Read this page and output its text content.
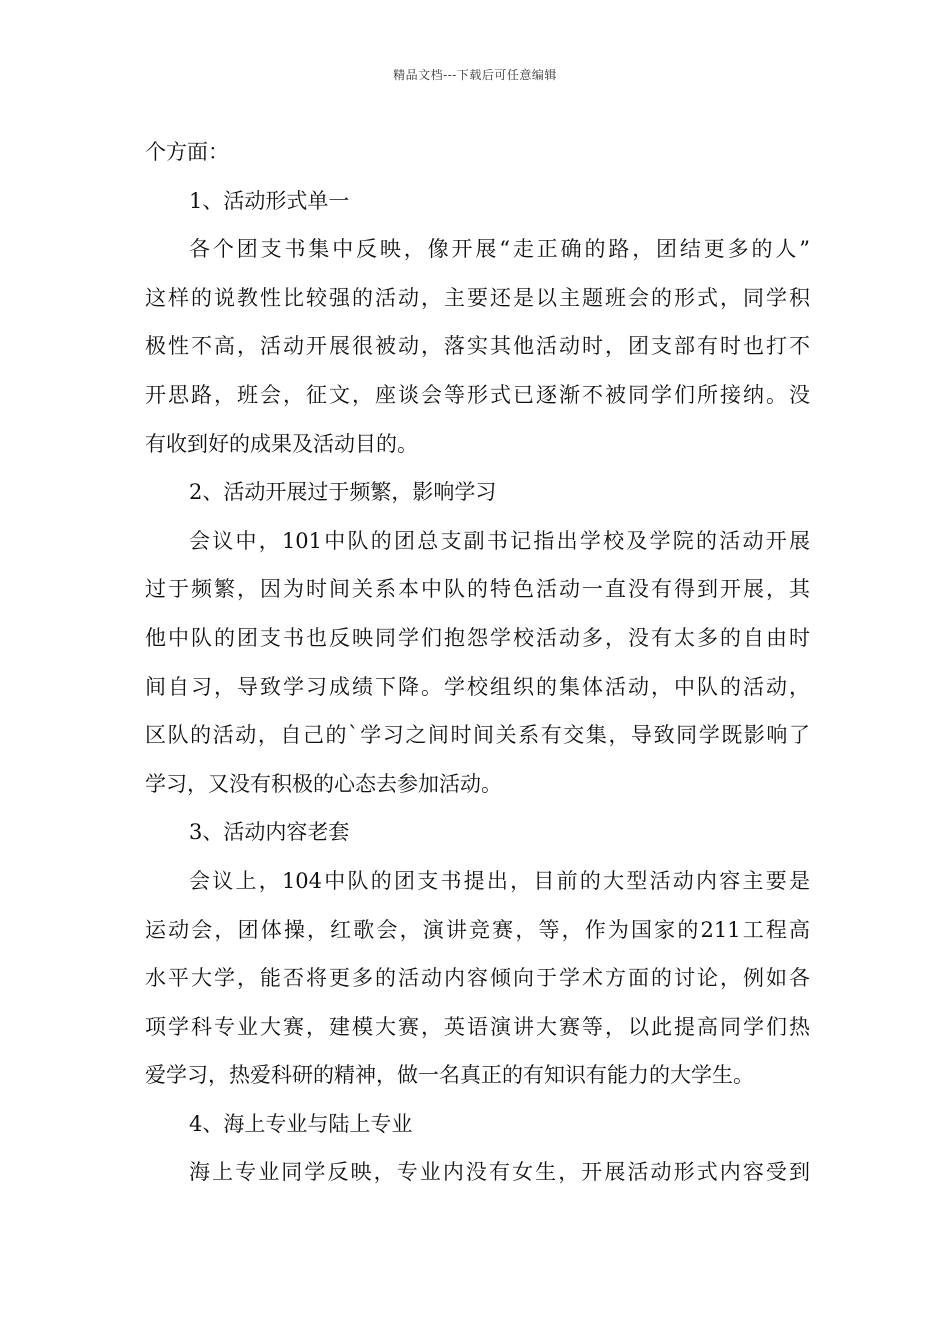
精品文档---下载后可任意编辑
个方面：
1、活动形式单一
各个团支书集中反映，像开展“走正确的路，团结更多的人”
这样的说教性比较强的活动，主要还是以主题班会的形式，同学积
极性不高，活动开展很被动，落实其他活动时，团支部有时也打不
开思路，班会，征文，座谈会等形式已逐渐不被同学们所接纳。没
有收到好的成果及活动目的。
2、活动开展过于频繁，影响学习
会议中，101中队的团总支副书记指出学校及学院的活动开展
过于频繁，因为时间关系本中队的特色活动一直没有得到开展，其
他中队的团支书也反映同学们抱怨学校活动多，没有太多的自由时
间自习，导致学习成绩下降。学校组织的集体活动，中队的活动，
区队的活动，自己的`学习之间时间关系有交集，导致同学既影响了
学习，又没有积极的心态去参加活动。
3、活动内容老套
会议上，104中队的团支书提出，目前的大型活动内容主要是
运动会，团体操，红歌会，演讲竞赛，等，作为国家的211工程高
水平大学，能否将更多的活动内容倾向于学术方面的讨论，例如各
项学科专业大赛，建模大赛，英语演讲大赛等，以此提高同学们热
爱学习，热爱科研的精神，做一名真正的有知识有能力的大学生。
4、海上专业与陆上专业
海上专业同学反映，专业内没有女生，开展活动形式内容受到
